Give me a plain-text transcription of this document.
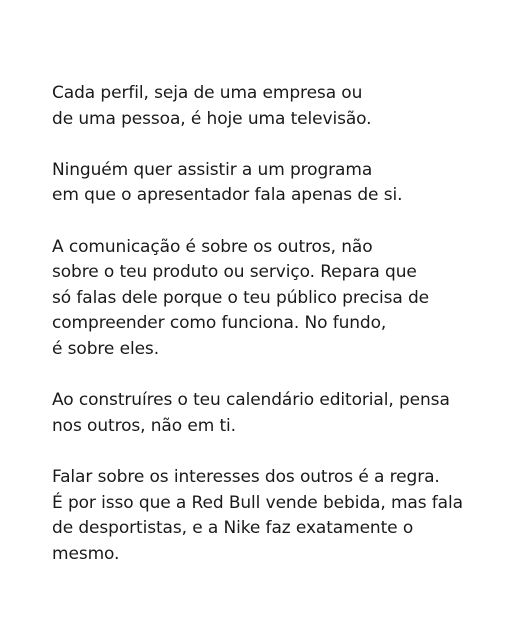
Cada perfil, seja de uma empresa ou
de uma pessoa, é hoje uma televisão.

Ninguém quer assistir a um programa
em que o apresentador fala apenas de si.

A comunicação é sobre os outros, não
sobre o teu produto ou serviço. Repara que
só falas dele porque o teu público precisa de
compreender como funciona. No fundo,
é sobre eles.

Ao construíres o teu calendário editorial, pensa
nos outros, não em ti.

Falar sobre os interesses dos outros é a regra.
É por isso que a Red Bull vende bebida, mas fala
de desportistas, e a Nike faz exatamente o
mesmo.
